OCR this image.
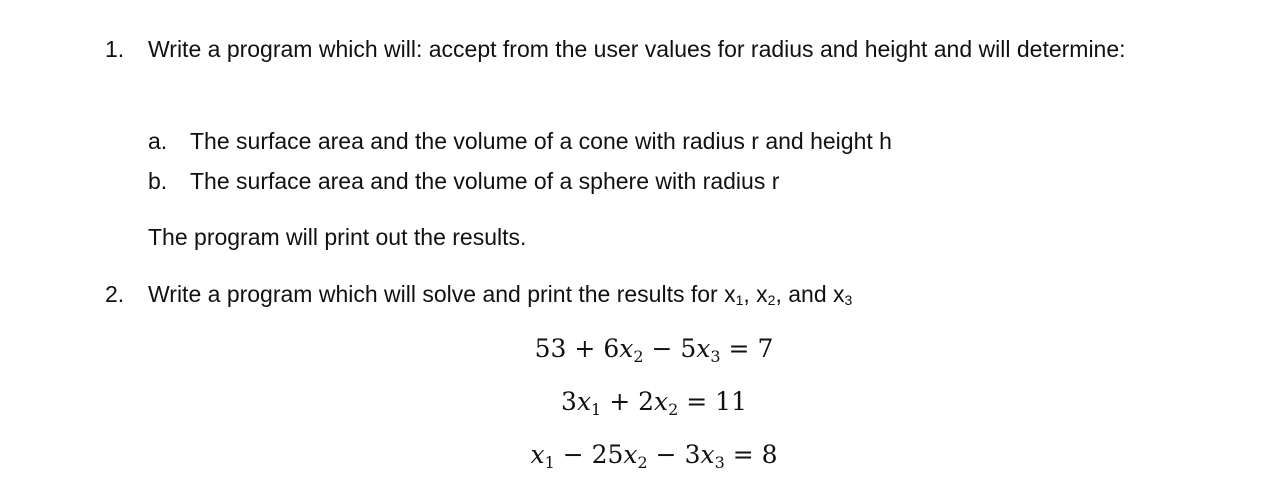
1. Write a program which will: accept from the user values for radius and height and will determine:
a. The surface area and the volume of a cone with radius r and height h
b. The surface area and the volume of a sphere with radius r
The program will print out the results.
2. Write a program which will solve and print the results for $x_1$, $x_2$, and $x_3$
$53 + 6x_2 - 5x_3 = 7$
$3x_1 + 2x_2 = 11$
$x_1 - 25x_2 - 3x_3 = 8$
